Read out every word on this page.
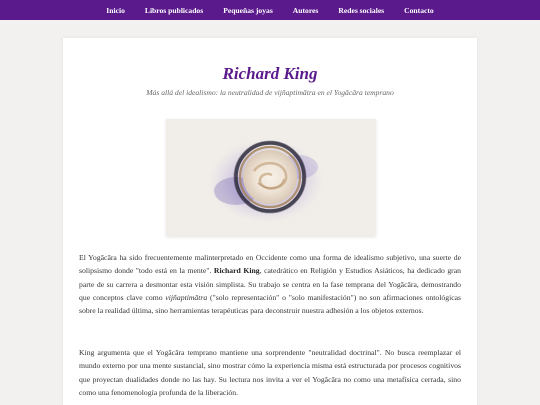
Inicio	Libros publicados	Pequeñas joyas	Autores	Redes sociales	Contacto
Richard King
Más allá del idealismo: la neutralidad de vijñaptimātra en el Yogācāra temprano

El Yogācāra ha sido frecuentemente malinterpretado en Occidente como una forma de idealismo subjetivo, una suerte de solipsismo donde "todo está en la mente". Richard King, catedrático en Religión y Estudios Asiáticos, ha dedicado gran parte de su carrera a desmontar esta visión simplista. Su trabajo se centra en la fase temprana del Yogācāra, demostrando que conceptos clave como vijñaptimātra ("solo representación" o "solo manifestación") no son afirmaciones ontológicas sobre la realidad última, sino herramientas terapéuticas para deconstruir nuestra adhesión a los objetos externos.

King argumenta que el Yogācāra temprano mantiene una sorprendente "neutralidad doctrinal". No busca reemplazar el mundo externo por una mente sustancial, sino mostrar cómo la experiencia misma está estructurada por procesos cognitivos que proyectan dualidades donde no las hay. Su lectura nos invita a ver el Yogācāra no como una metafísica cerrada, sino como una fenomenología profunda de la liberación.
